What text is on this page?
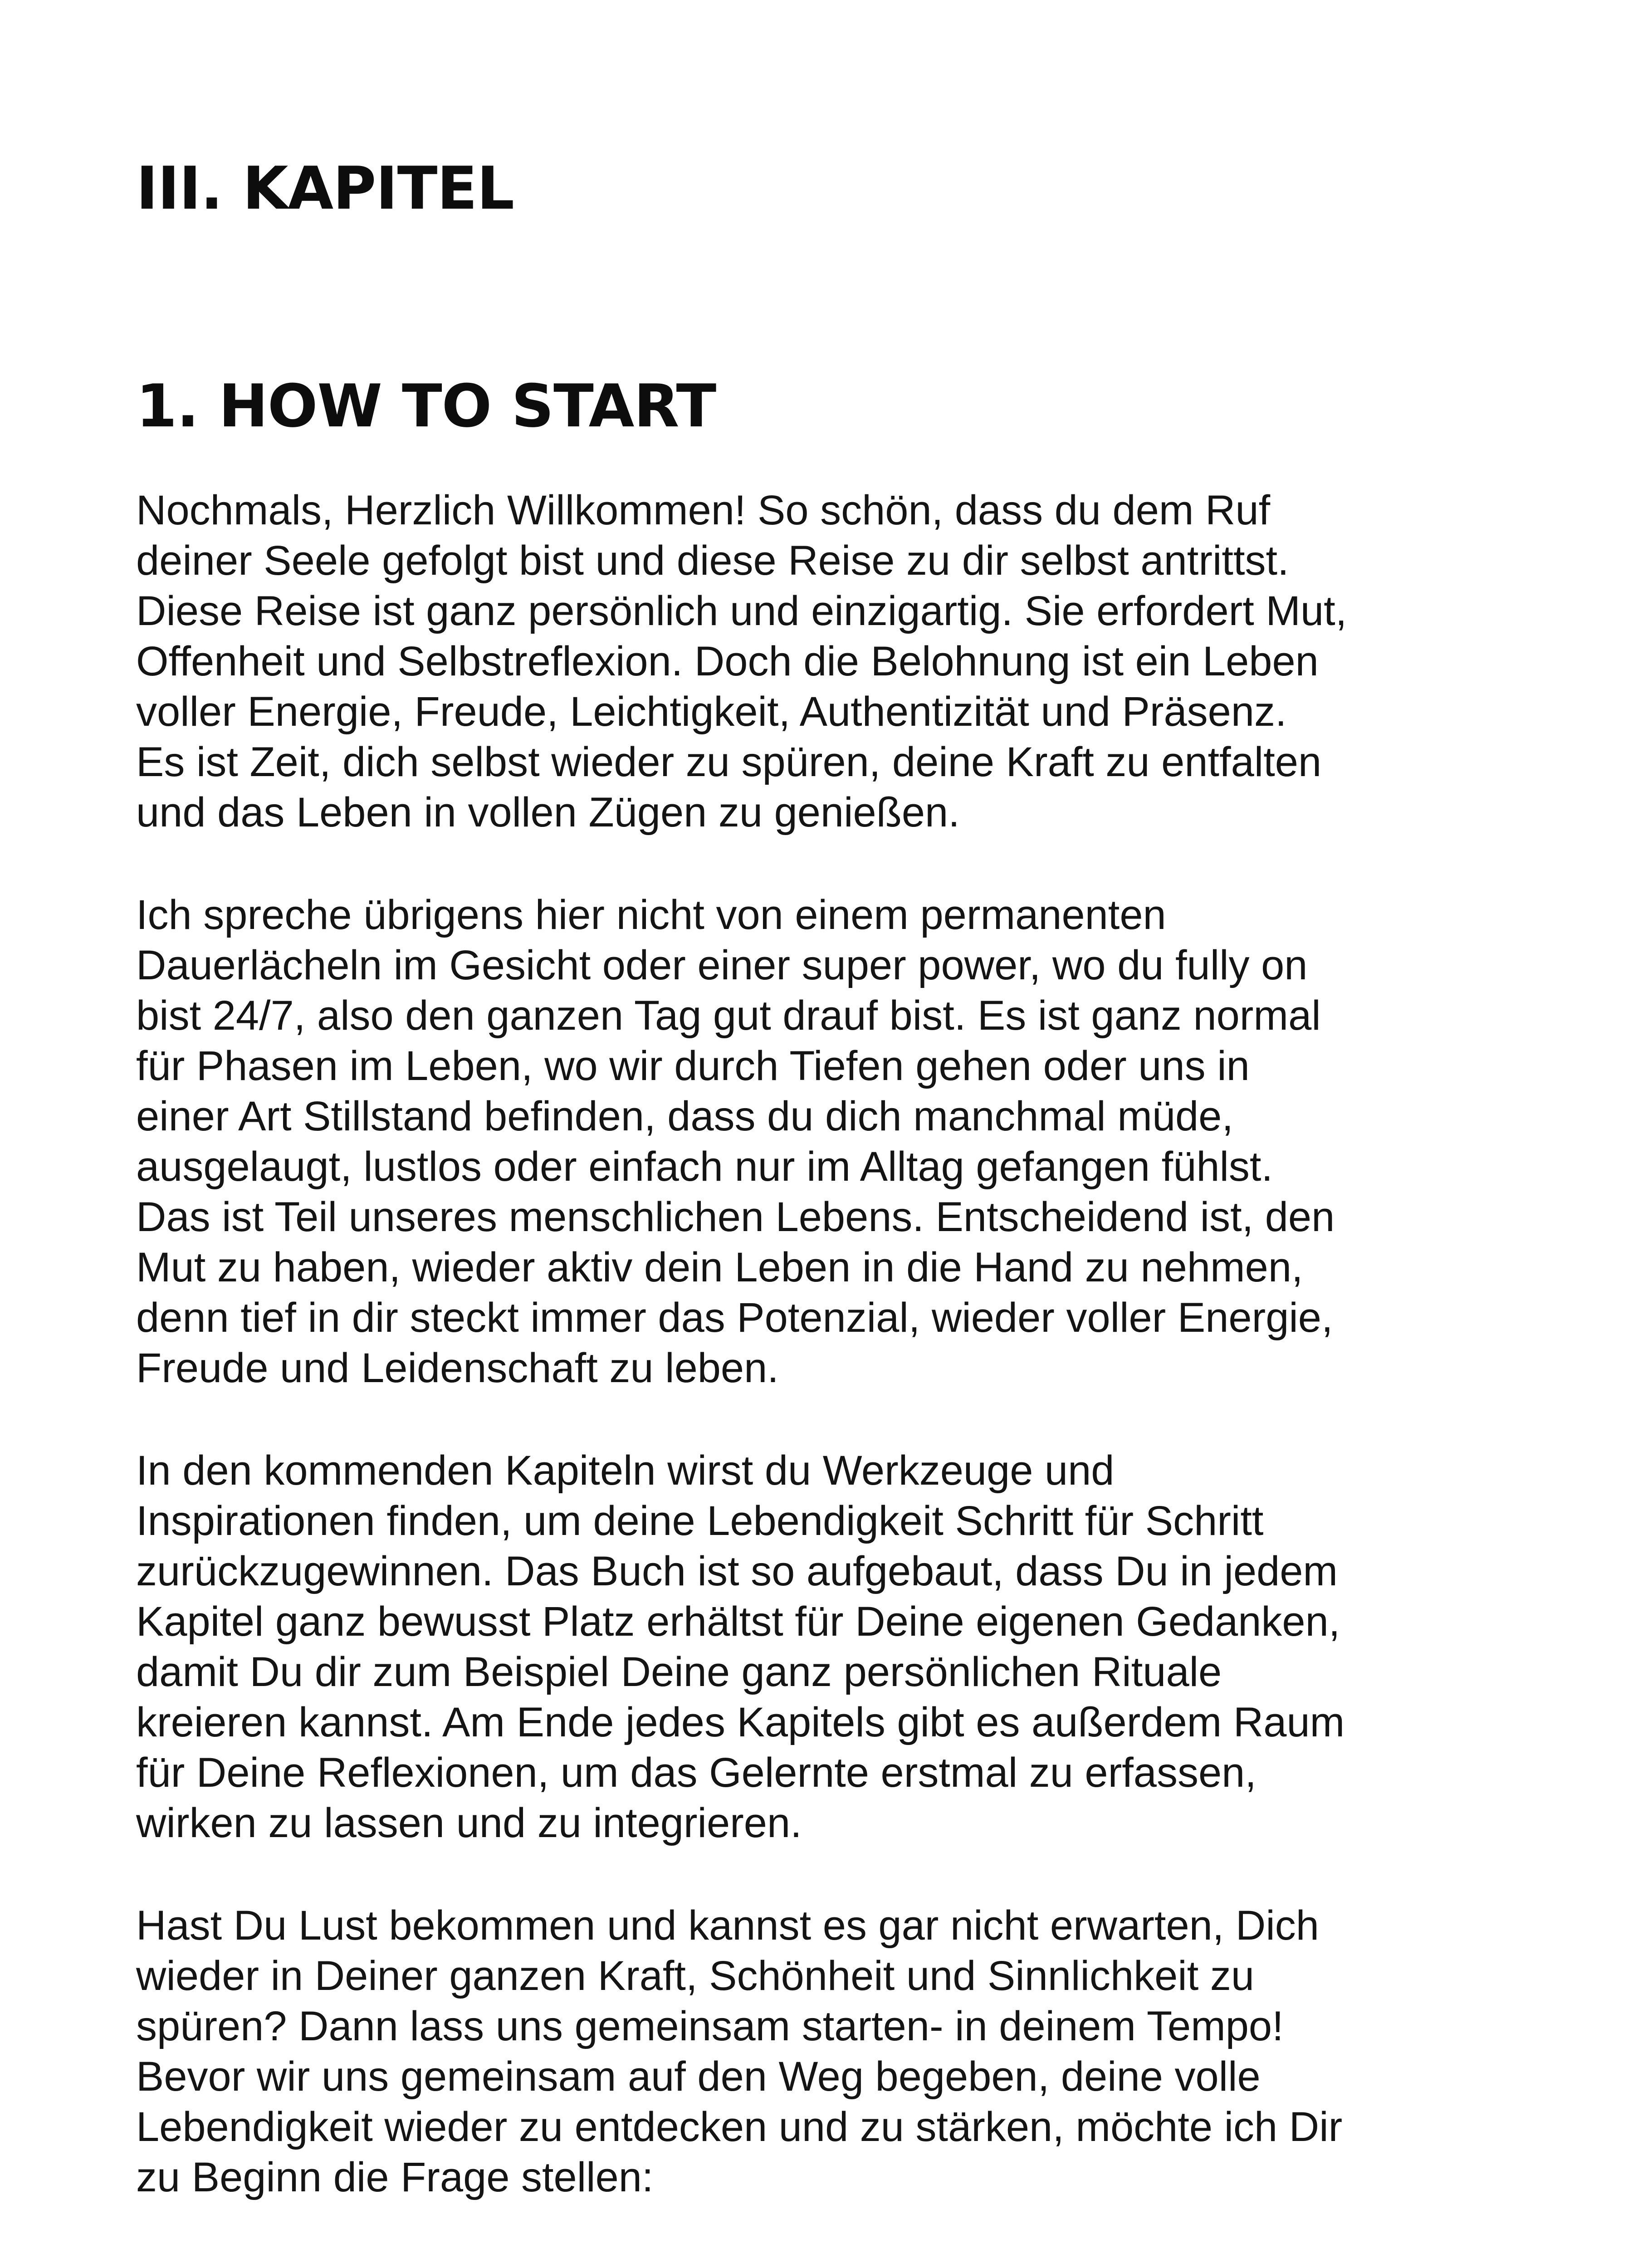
III. KAPITEL
1. HOW TO START

Nochmals, Herzlich Willkommen! So schön, dass du dem Ruf
deiner Seele gefolgt bist und diese Reise zu dir selbst antrittst.
Diese Reise ist ganz persönlich und einzigartig. Sie erfordert Mut,
Offenheit und Selbstreflexion. Doch die Belohnung ist ein Leben
voller Energie, Freude, Leichtigkeit, Authentizität und Präsenz.
Es ist Zeit, dich selbst wieder zu spüren, deine Kraft zu entfalten
und das Leben in vollen Zügen zu genießen.

Ich spreche übrigens hier nicht von einem permanenten
Dauerlächeln im Gesicht oder einer super power, wo du fully on
bist 24/7, also den ganzen Tag gut drauf bist. Es ist ganz normal
für Phasen im Leben, wo wir durch Tiefen gehen oder uns in
einer Art Stillstand befinden, dass du dich manchmal müde,
ausgelaugt, lustlos oder einfach nur im Alltag gefangen fühlst.
Das ist Teil unseres menschlichen Lebens. Entscheidend ist, den
Mut zu haben, wieder aktiv dein Leben in die Hand zu nehmen,
denn tief in dir steckt immer das Potenzial, wieder voller Energie,
Freude und Leidenschaft zu leben.

In den kommenden Kapiteln wirst du Werkzeuge und
Inspirationen finden, um deine Lebendigkeit Schritt für Schritt
zurückzugewinnen. Das Buch ist so aufgebaut, dass Du in jedem
Kapitel ganz bewusst Platz erhältst für Deine eigenen Gedanken,
damit Du dir zum Beispiel Deine ganz persönlichen Rituale
kreieren kannst. Am Ende jedes Kapitels gibt es außerdem Raum
für Deine Reflexionen, um das Gelernte erstmal zu erfassen,
wirken zu lassen und zu integrieren.

Hast Du Lust bekommen und kannst es gar nicht erwarten, Dich
wieder in Deiner ganzen Kraft, Schönheit und Sinnlichkeit zu
spüren? Dann lass uns gemeinsam starten- in deinem Tempo!
Bevor wir uns gemeinsam auf den Weg begeben, deine volle
Lebendigkeit wieder zu entdecken und zu stärken, möchte ich Dir
zu Beginn die Frage stellen:
